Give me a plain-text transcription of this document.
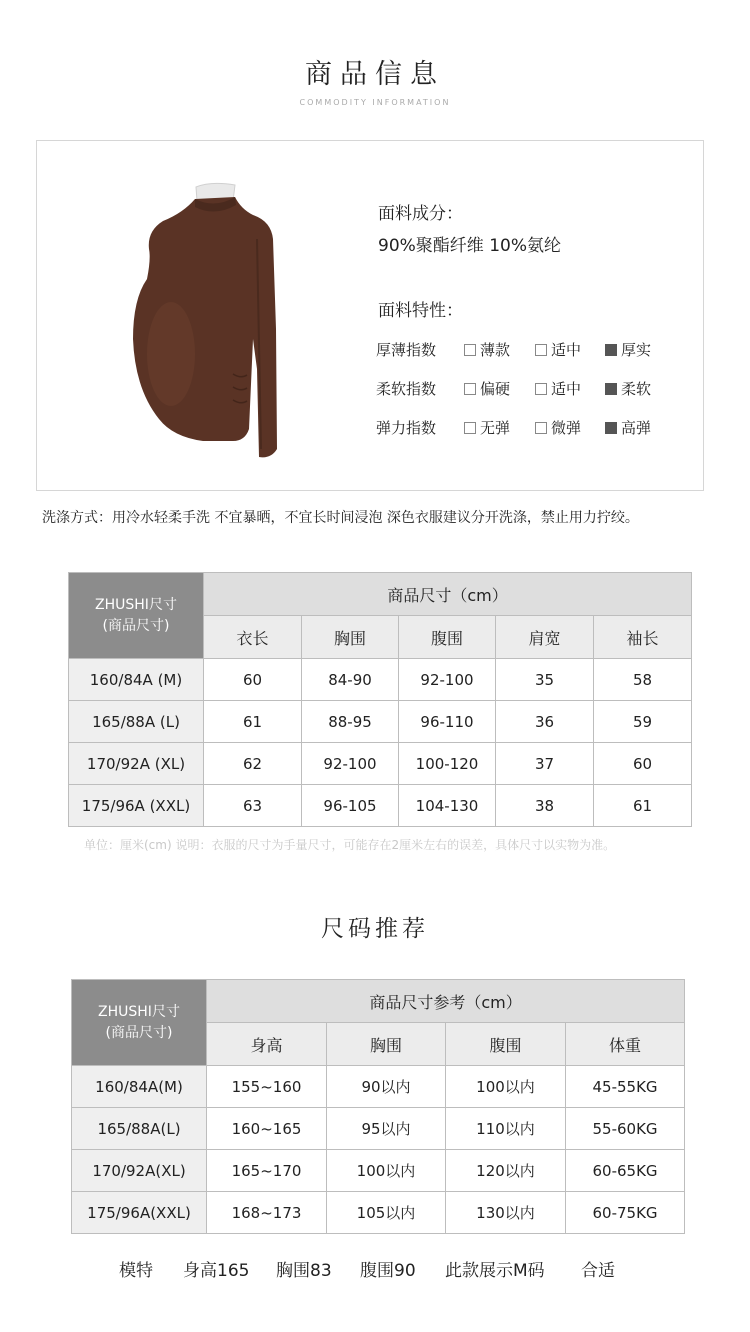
商品信息
COMMODITY INFORMATION
面料成分：
90%聚酯纤维 10%氨纶
面料特性：
厚薄指数	薄款	适中	厚实
柔软指数	偏硬	适中	柔软
弹力指数	无弹	微弹	高弹
洗涤方式：用冷水轻柔手洗 不宜暴晒，不宜长时间浸泡 深色衣服建议分开洗涤，禁止用力拧绞。
ZHUSHI尺寸
(商品尺寸)	商品尺寸（cm）				
	衣长	胸围	腹围	肩宽	袖长
160/84A (M)	60	84-90	92-100	35	58
165/88A (L)	61	88-95	96-110	36	59
170/92A (XL)	62	92-100	100-120	37	60
175/96A (XXL)	63	96-105	104-130	38	61
单位：厘米(cm) 说明：衣服的尺寸为手量尺寸，可能存在2厘米左右的误差，具体尺寸以实物为准。
尺码推荐
ZHUSHI尺寸
(商品尺寸)	商品尺寸参考（cm）			
	身高	胸围	腹围	体重
160/84A(M)	155~160	90以内	100以内	45-55KG
165/88A(L)	160~165	95以内	110以内	55-60KG
170/92A(XL)	165~170	100以内	120以内	60-65KG
175/96A(XXL)	168~173	105以内	130以内	60-75KG
模特 身高165 胸围83 腹围90 此款展示M码 合适
